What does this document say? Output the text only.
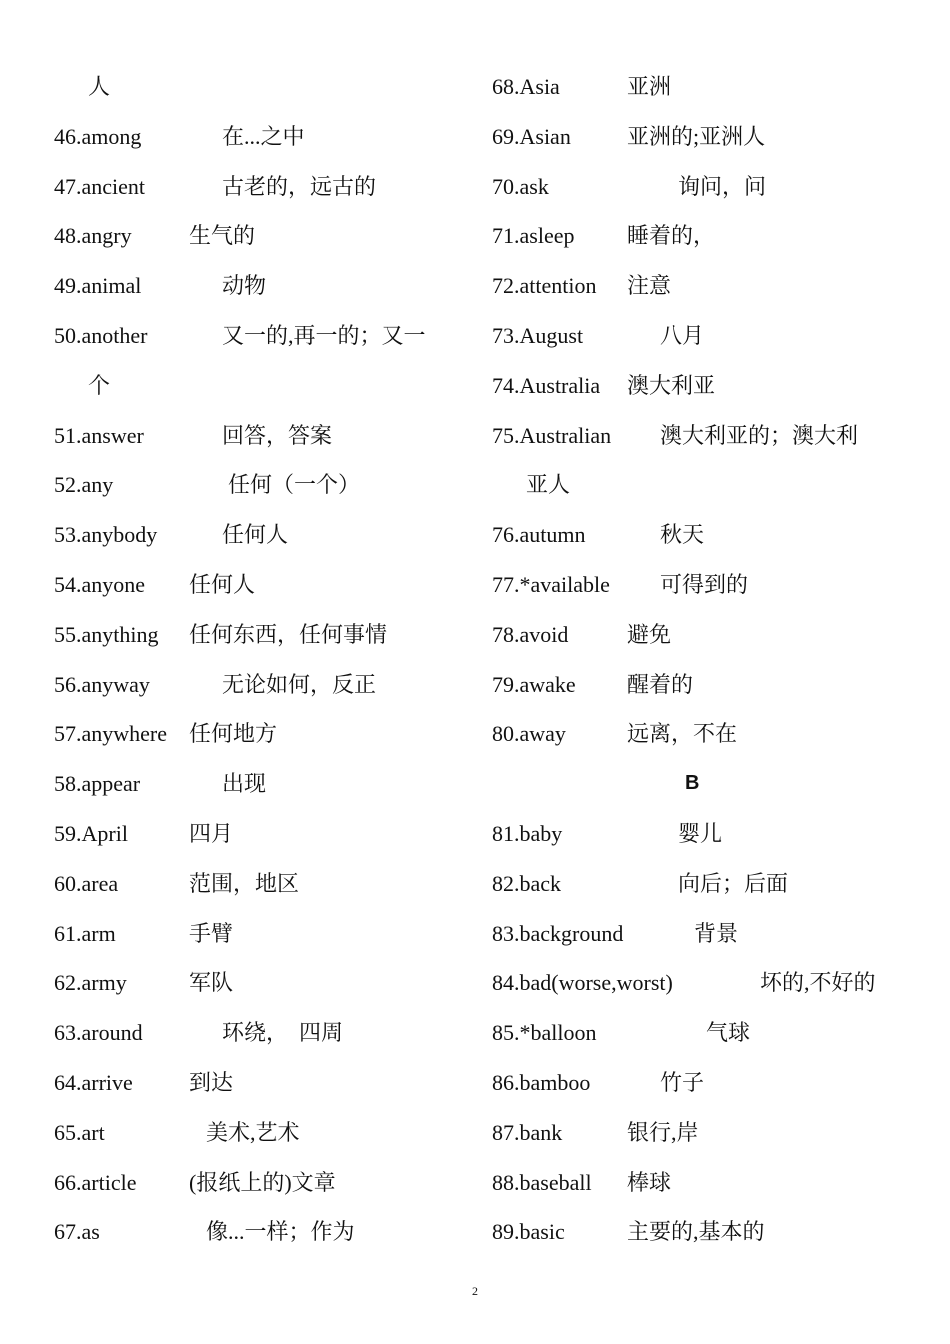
人
46.among	在...之中
47.ancient	古老的，远古的
48.angry	生气的
49.animal	动物
50.another	又一的,再一的；又一
个
51.answer	回答，答案
52.any	任何（一个）
53.anybody	任何人
54.anyone 任何人
55.anything 任何东西，任何事情
56.anyway	无论如何，反正
57.anywhere 任何地方
58.appear	出现
59.April	四月
60.area	范围，地区
61.arm	手臂
62.army	军队
63.around	环绕，  四周
64.arrive	到达
65.art	美术,艺术
66.article (报纸上的)文章
67.as	像...一样；作为
68.Asia	亚洲
69.Asian	亚洲的;亚洲人
70.ask	询问，问
71.asleep 睡着的，
72.attention 注意
73.August	八月
74.Australia 澳大利亚
75.Australian 澳大利亚的；澳大利
亚人
76.autumn	秋天
77.*available 可得到的
78.avoid	避免
79.awake 醒着的
80.away	远离，不在
B
81.baby	婴儿
82.back	向后；后面
83.background	背景
84.bad(worse,worst)	坏的,不好的
85.*balloon	气球
86.bamboo	竹子
87.bank	银行,岸
88.baseball 棒球
89.basic	主要的,基本的
2
